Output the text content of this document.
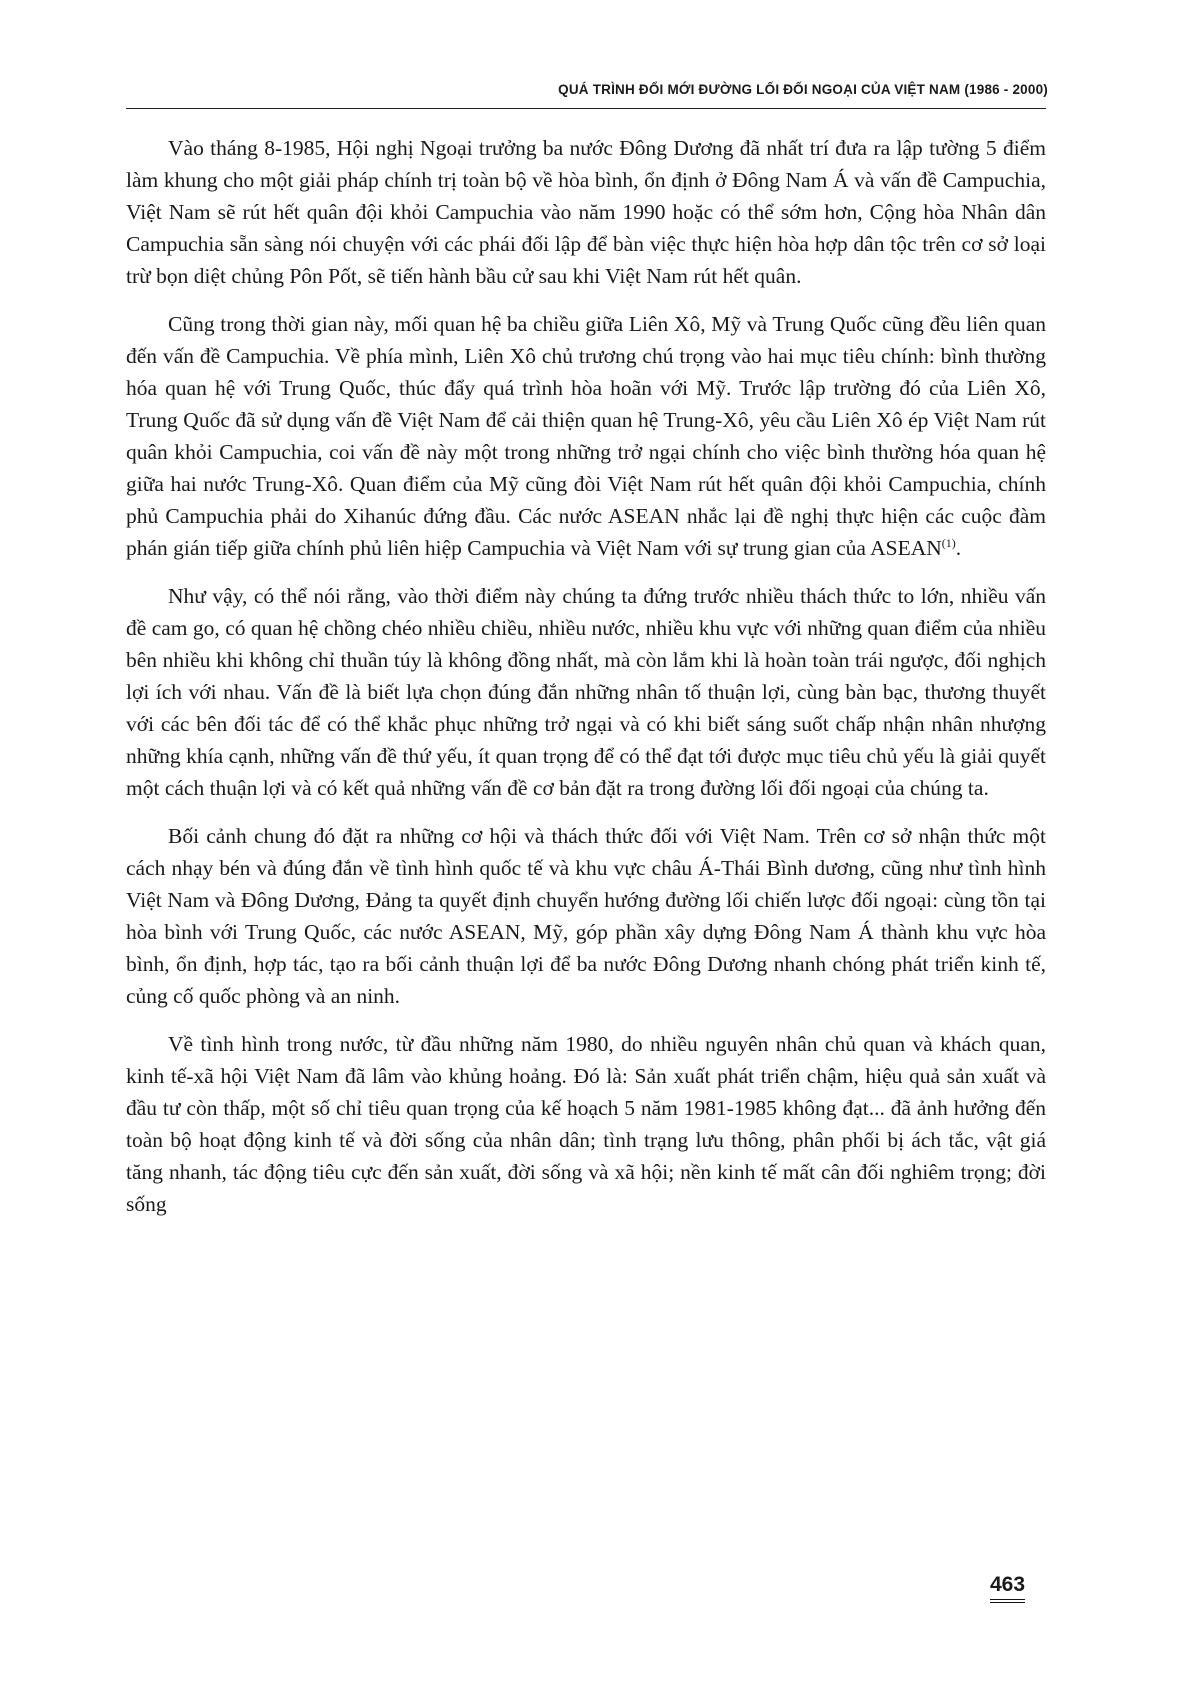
QUÁ TRÌNH ĐỔI MỚI ĐƯỜNG LỐI ĐỐI NGOẠI CỦA VIỆT NAM (1986 - 2000)

Vào tháng 8-1985, Hội nghị Ngoại trưởng ba nước Đông Dương đã nhất trí đưa ra lập tường 5 điểm làm khung cho một giải pháp chính trị toàn bộ về hòa bình, ổn định ở Đông Nam Á và vấn đề Campuchia, Việt Nam sẽ rút hết quân đội khỏi Campuchia vào năm 1990 hoặc có thể sớm hơn, Cộng hòa Nhân dân Campuchia sẵn sàng nói chuyện với các phái đối lập để bàn việc thực hiện hòa hợp dân tộc trên cơ sở loại trừ bọn diệt chủng Pôn Pốt, sẽ tiến hành bầu cử sau khi Việt Nam rút hết quân.

Cũng trong thời gian này, mối quan hệ ba chiều giữa Liên Xô, Mỹ và Trung Quốc cũng đều liên quan đến vấn đề Campuchia. Về phía mình, Liên Xô chủ trương chú trọng vào hai mục tiêu chính: bình thường hóa quan hệ với Trung Quốc, thúc đẩy quá trình hòa hoãn với Mỹ. Trước lập trường đó của Liên Xô, Trung Quốc đã sử dụng vấn đề Việt Nam để cải thiện quan hệ Trung-Xô, yêu cầu Liên Xô ép Việt Nam rút quân khỏi Campuchia, coi vấn đề này một trong những trở ngại chính cho việc bình thường hóa quan hệ giữa hai nước Trung-Xô. Quan điểm của Mỹ cũng đòi Việt Nam rút hết quân đội khỏi Campuchia, chính phủ Campuchia phải do Xihanúc đứng đầu. Các nước ASEAN nhắc lại đề nghị thực hiện các cuộc đàm phán gián tiếp giữa chính phủ liên hiệp Campuchia và Việt Nam với sự trung gian của ASEAN$^{(1)}$.

Như vậy, có thể nói rằng, vào thời điểm này chúng ta đứng trước nhiều thách thức to lớn, nhiều vấn đề cam go, có quan hệ chồng chéo nhiều chiều, nhiều nước, nhiều khu vực với những quan điểm của nhiều bên nhiều khi không chỉ thuần túy là không đồng nhất, mà còn lắm khi là hoàn toàn trái ngược, đối nghịch lợi ích với nhau. Vấn đề là biết lựa chọn đúng đắn những nhân tố thuận lợi, cùng bàn bạc, thương thuyết với các bên đối tác để có thể khắc phục những trở ngại và có khi biết sáng suốt chấp nhận nhân nhượng những khía cạnh, những vấn đề thứ yếu, ít quan trọng để có thể đạt tới được mục tiêu chủ yếu là giải quyết một cách thuận lợi và có kết quả những vấn đề cơ bản đặt ra trong đường lối đối ngoại của chúng ta.

Bối cảnh chung đó đặt ra những cơ hội và thách thức đối với Việt Nam. Trên cơ sở nhận thức một cách nhạy bén và đúng đắn về tình hình quốc tế và khu vực châu Á-Thái Bình dương, cũng như tình hình Việt Nam và Đông Dương, Đảng ta quyết định chuyển hướng đường lối chiến lược đối ngoại: cùng tồn tại hòa bình với Trung Quốc, các nước ASEAN, Mỹ, góp phần xây dựng Đông Nam Á thành khu vực hòa bình, ổn định, hợp tác, tạo ra bối cảnh thuận lợi để ba nước Đông Dương nhanh chóng phát triển kinh tế, củng cố quốc phòng và an ninh.

Về tình hình trong nước, từ đầu những năm 1980, do nhiều nguyên nhân chủ quan và khách quan, kinh tế-xã hội Việt Nam đã lâm vào khủng hoảng. Đó là: Sản xuất phát triển chậm, hiệu quả sản xuất và đầu tư còn thấp, một số chỉ tiêu quan trọng của kế hoạch 5 năm 1981-1985 không đạt... đã ảnh hưởng đến toàn bộ hoạt động kinh tế và đời sống của nhân dân; tình trạng lưu thông, phân phối bị ách tắc, vật giá tăng nhanh, tác động tiêu cực đến sản xuất, đời sống và xã hội; nền kinh tế mất cân đối nghiêm trọng; đời sống

463
